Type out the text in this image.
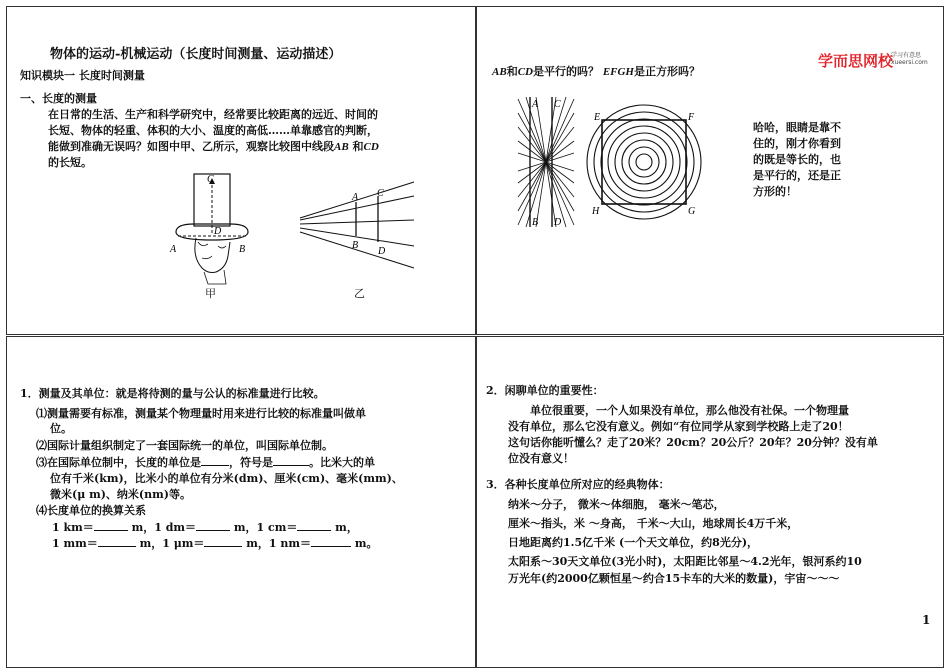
物体的运动-机械运动（长度时间测量、运动描述）
知识模块一 长度时间测量
一、长度的测量
在日常的生活、生产和科学研究中，经常要比较距离的远近、时间的
长短、物体的轻重、体积的大小、温度的高低……单靠感官的判断，
能做到准确无误吗？如图中甲、乙所示，观察比较图中线段AB 和CD
的长短。
C
D
A	B
甲
A
B
C
D
乙
学而思网校
学习有意思
xueersi.com
AB和CD是平行的吗？ EFGH是正方形吗？
A C
B D
E	F
H	G
哈哈，眼睛是靠不
住的，刚才你看到
的既是等长的，也
是平行的，还是正
方形的！
1．测量及其单位：就是将待测的量与公认的标准量进行比较。
⑴测量需要有标准，测量某个物理量时用来进行比较的标准量叫做单
位。
⑵国际计量组织制定了一套国际统一的单位，叫国际单位制。
⑶在国际单位制中，长度的单位是	，符号是	。比米大的单
位有千米(km)，比米小的单位有分米(dm)、厘米(cm)、毫米(mm)、
微米(μ m)、纳米(nm)等。
⑷长度单位的换算关系
1 km＝	m，1 dm＝	m，1 cm＝	m，
1 mm＝	m，1 μm＝	m，1 nm＝	m。
2．闲聊单位的重要性：
单位很重要，一个人如果没有单位，那么他没有社保。一个物理量
没有单位，那么它没有意义。例如“有位同学从家到学校路上走了20！
这句话你能听懂么？走了20米？20cm？20公斤？20年？20分钟？没有单
位没有意义！
3．各种长度单位所对应的经典物体：
纳米～分子， 微米～体细胞， 毫米～笔芯，
厘米～指头，米 ～身高， 千米～大山，地球周长4万千米，
日地距离约1.5亿千米 (一个天文单位，约8光分)，
太阳系～30天文单位(3光小时)，太阳距比邻星～4.2光年，银河系约10
万光年(约2000亿颗恒星～约合15卡车的大米的数量)，宇宙～～～
1
